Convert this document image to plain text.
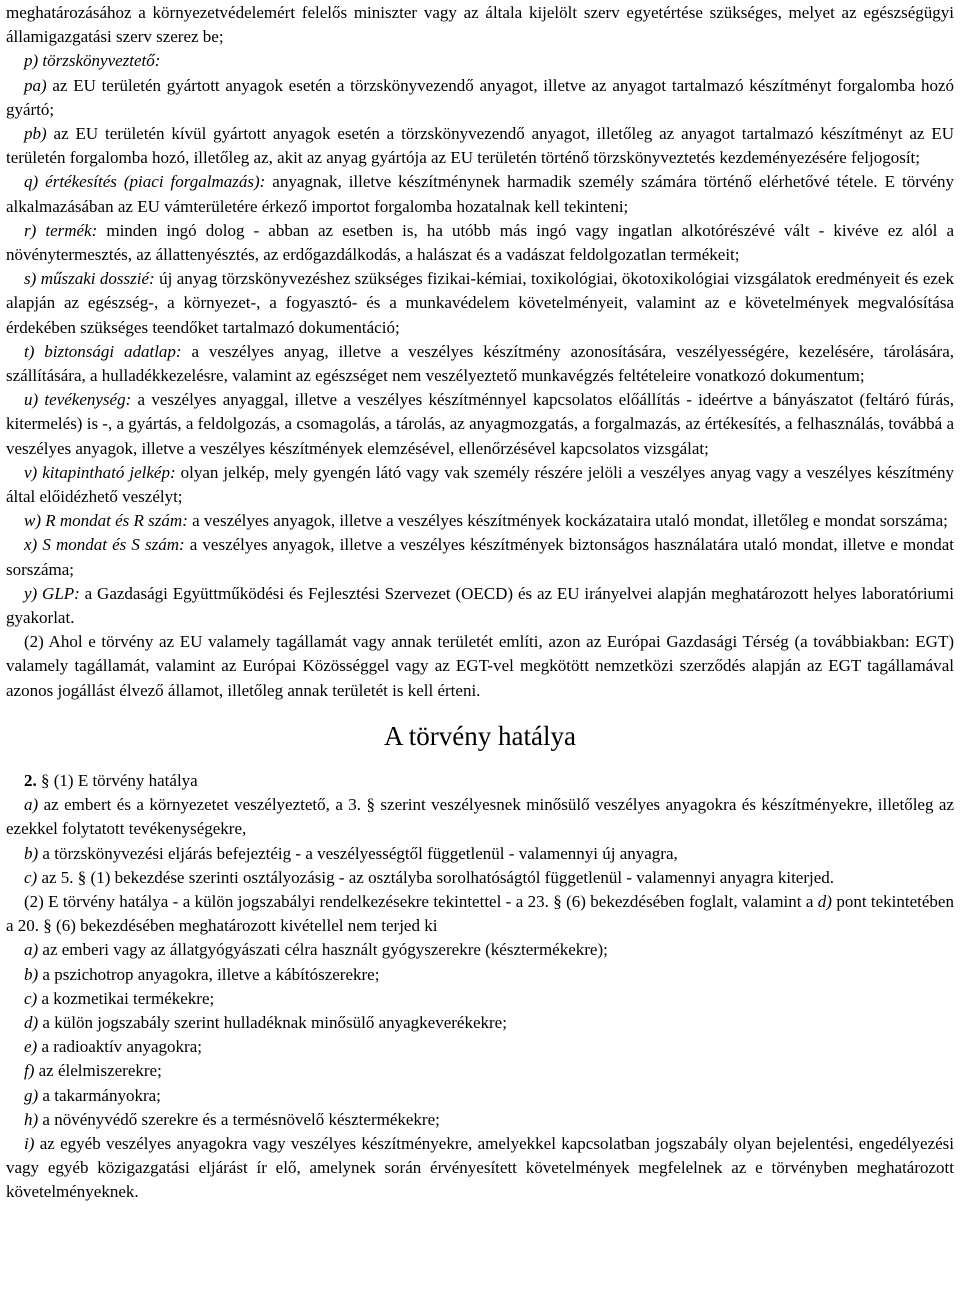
meghatározásához a környezetvédelemért felelős miniszter vagy az általa kijelölt szerv egyetértése szükséges, melyet az egészségügyi államigazgatási szerv szerez be;

p) törzskönyveztető:

pa) az EU területén gyártott anyagok esetén a törzskönyvezendő anyagot, illetve az anyagot tartalmazó készítményt forgalomba hozó gyártó;

pb) az EU területén kívül gyártott anyagok esetén a törzskönyvezendő anyagot, illetőleg az anyagot tartalmazó készítményt az EU területén forgalomba hozó, illetőleg az, akit az anyag gyártója az EU területén történő törzskönyveztetés kezdeményezésére feljogosít;

q) értékesítés (piaci forgalmazás): anyagnak, illetve készítménynek harmadik személy számára történő elérhetővé tétele. E törvény alkalmazásában az EU vámterületére érkező importot forgalomba hozatalnak kell tekinteni;

r) termék: minden ingó dolog - abban az esetben is, ha utóbb más ingó vagy ingatlan alkotórészévé vált - kivéve ez alól a növénytermesztés, az állattenyésztés, az erdőgazdálkodás, a halászat és a vadászat feldolgozatlan termékeit;

s) műszaki dosszié: új anyag törzskönyvezéshez szükséges fizikai-kémiai, toxikológiai, ökotoxikológiai vizsgálatok eredményeit és ezek alapján az egészség-, a környezet-, a fogyasztó- és a munkavédelem követelményeit, valamint az e követelmények megvalósítása érdekében szükséges teendőket tartalmazó dokumentáció;

t) biztonsági adatlap: a veszélyes anyag, illetve a veszélyes készítmény azonosítására, veszélyességére, kezelésére, tárolására, szállítására, a hulladékkezelésre, valamint az egészséget nem veszélyeztető munkavégzés feltételeire vonatkozó dokumentum;

u) tevékenység: a veszélyes anyaggal, illetve a veszélyes készítménnyel kapcsolatos előállítás - ideértve a bányászatot (feltáró fúrás, kitermelés) is -, a gyártás, a feldolgozás, a csomagolás, a tárolás, az anyagmozgatás, a forgalmazás, az értékesítés, a felhasználás, továbbá a veszélyes anyagok, illetve a veszélyes készítmények elemzésével, ellenőrzésével kapcsolatos vizsgálat;

v) kitapintható jelkép: olyan jelkép, mely gyengén látó vagy vak személy részére jelöli a veszélyes anyag vagy a veszélyes készítmény által előidézhető veszélyt;

w) R mondat és R szám: a veszélyes anyagok, illetve a veszélyes készítmények kockázataira utaló mondat, illetőleg e mondat sorszáma;

x) S mondat és S szám: a veszélyes anyagok, illetve a veszélyes készítmények biztonságos használatára utaló mondat, illetve e mondat sorszáma;

y) GLP: a Gazdasági Együttműködési és Fejlesztési Szervezet (OECD) és az EU irányelvei alapján meghatározott helyes laboratóriumi gyakorlat.

(2) Ahol e törvény az EU valamely tagállamát vagy annak területét említi, azon az Európai Gazdasági Térség (a továbbiakban: EGT) valamely tagállamát, valamint az Európai Közösséggel vagy az EGT-vel megkötött nemzetközi szerződés alapján az EGT tagállamával azonos jogállást élvező államot, illetőleg annak területét is kell érteni.

A törvény hatálya

2. § (1) E törvény hatálya

a) az embert és a környezetet veszélyeztető, a 3. § szerint veszélyesnek minősülő veszélyes anyagokra és készítményekre, illetőleg az ezekkel folytatott tevékenységekre,

b) a törzskönyvezési eljárás befejeztéig - a veszélyességtől függetlenül - valamennyi új anyagra,

c) az 5. § (1) bekezdése szerinti osztályozásig - az osztályba sorolhatóságtól függetlenül - valamennyi anyagra kiterjed.

(2) E törvény hatálya - a külön jogszabályi rendelkezésekre tekintettel - a 23. § (6) bekezdésében foglalt, valamint a d) pont tekintetében a 20. § (6) bekezdésében meghatározott kivétellel nem terjed ki

a) az emberi vagy az állatgyógyászati célra használt gyógyszerekre (késztermékekre);

b) a pszichotrop anyagokra, illetve a kábítószerekre;

c) a kozmetikai termékekre;

d) a külön jogszabály szerint hulladéknak minősülő anyagkeverékekre;

e) a radioaktív anyagokra;

f) az élelmiszerekre;

g) a takarmányokra;

h) a növényvédő szerekre és a termésnövelő késztermékekre;

i) az egyéb veszélyes anyagokra vagy veszélyes készítményekre, amelyekkel kapcsolatban jogszabály olyan bejelentési, engedélyezési vagy egyéb közigazgatási eljárást ír elő, amelynek során érvényesített követelmények megfelelnek az e törvényben meghatározott követelményeknek.
